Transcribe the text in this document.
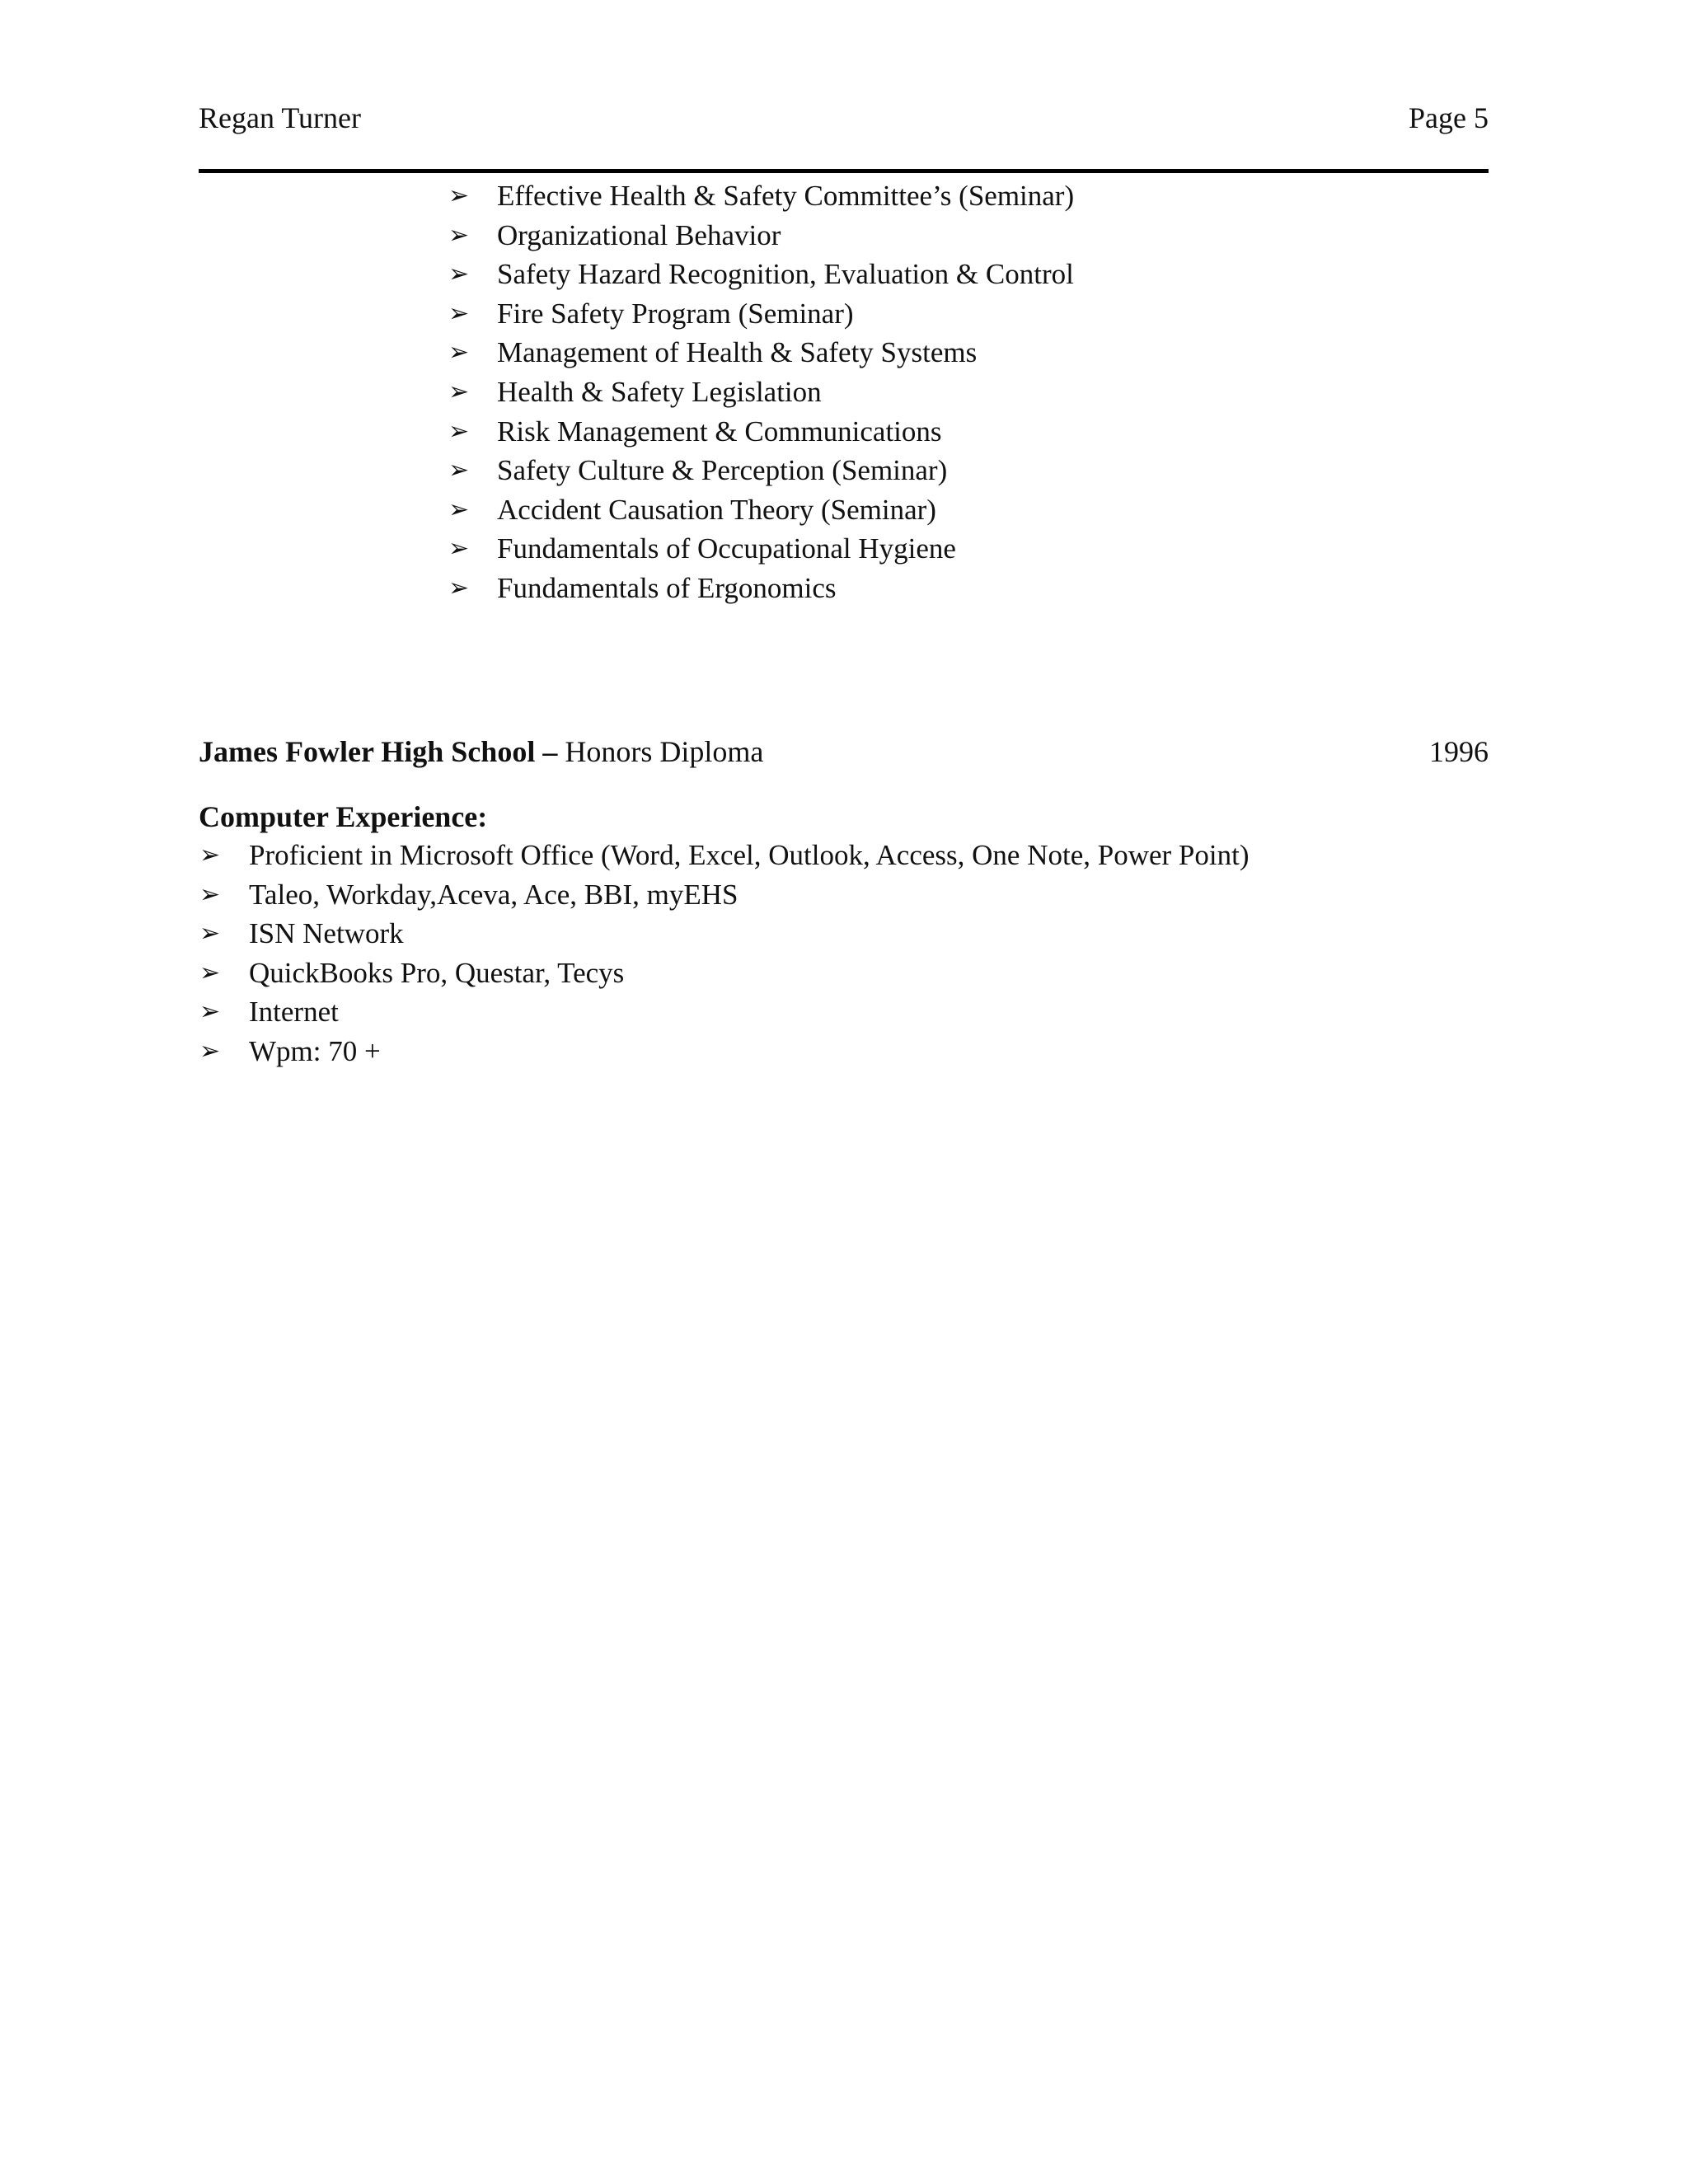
Regan Turner	Page 5
➢ Effective Health & Safety Committee’s (Seminar)
➢ Organizational Behavior
➢ Safety Hazard Recognition, Evaluation & Control
➢ Fire Safety Program (Seminar)
➢ Management of Health & Safety Systems
➢ Health & Safety Legislation
➢ Risk Management & Communications
➢ Safety Culture & Perception (Seminar)
➢ Accident Causation Theory (Seminar)
➢ Fundamentals of Occupational Hygiene
➢ Fundamentals of Ergonomics
James Fowler High School – Honors Diploma	1996
Computer Experience:
➢ Proficient in Microsoft Office (Word, Excel, Outlook, Access, One Note, Power Point)
➢ Taleo, Workday,Aceva, Ace, BBI, myEHS
➢ ISN Network
➢ QuickBooks Pro, Questar, Tecys
➢ Internet
➢ Wpm: 70 +
